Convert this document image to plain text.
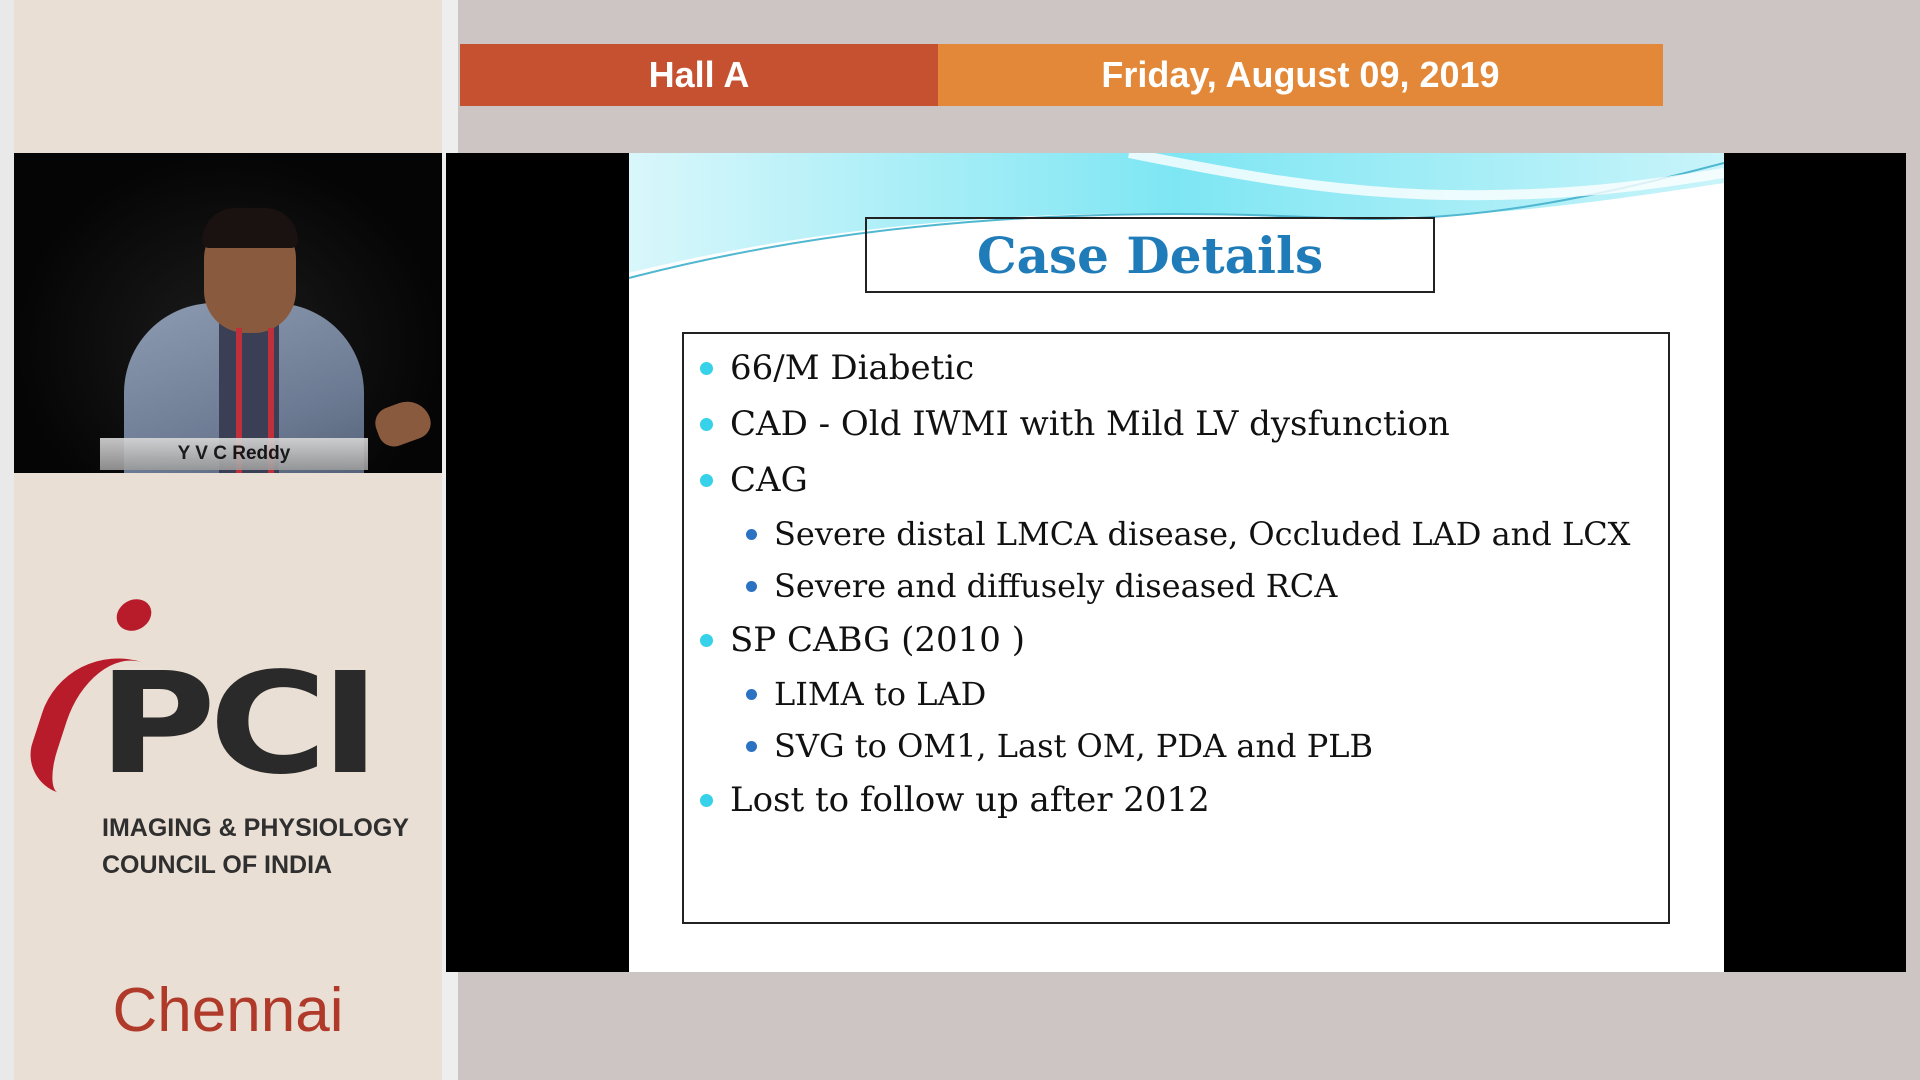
Hall A	Friday, August 09, 2019
Y V C Reddy
PCI
IMAGING & PHYSIOLOGY
COUNCIL OF INDIA
Chennai
Case Details
66/M Diabetic
CAD - Old IWMI with Mild LV dysfunction
CAG
Severe distal LMCA disease, Occluded LAD and LCX
Severe and diffusely diseased RCA
SP CABG (2010 )
LIMA to LAD
SVG to OM1, Last OM, PDA and PLB
Lost to follow up after 2012
